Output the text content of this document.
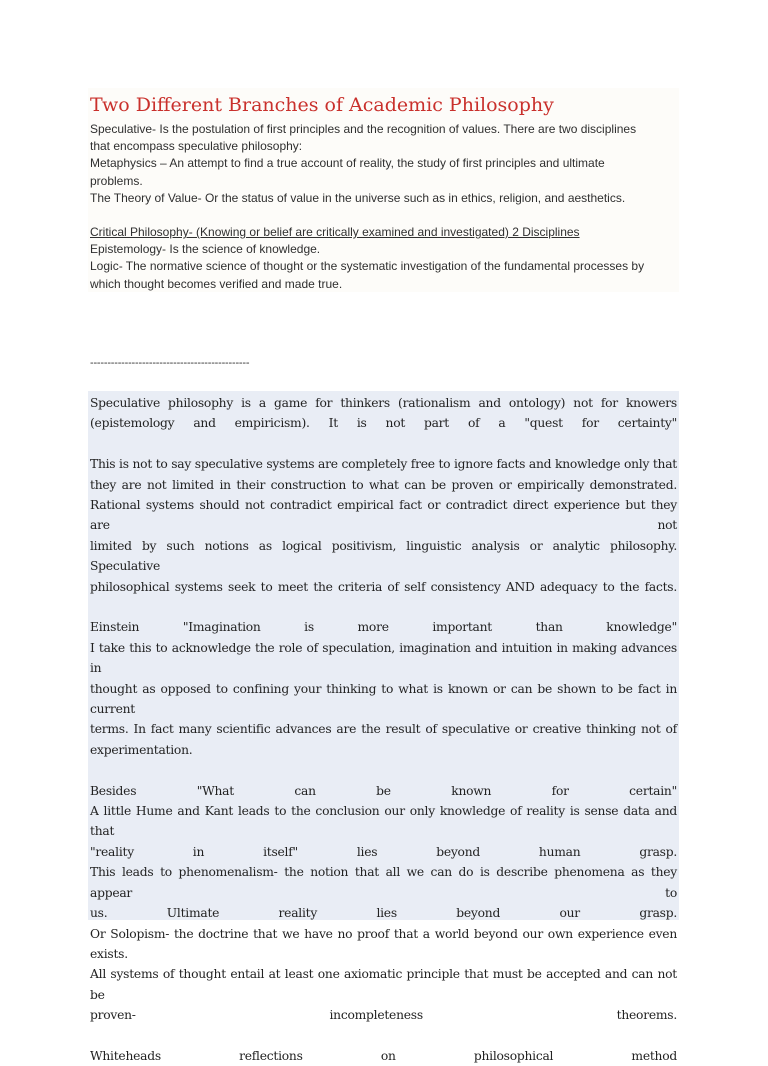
Two Different Branches of Academic Philosophy

Speculative- Is the postulation of first principles and the recognition of values. There are two disciplines

that encompass speculative philosophy:

Metaphysics – An attempt to find a true account of reality, the study of first principles and ultimate

problems.

The Theory of Value- Or the status of value in the universe such as in ethics, religion, and aesthetics.

Critical Philosophy- (Knowing or belief are critically examined and investigated) 2 Disciplines

Epistemology- Is the science of knowledge.

Logic- The normative science of thought or the systematic investigation of the fundamental processes by

which thought becomes verified and made true.

----------------------------------------------

Speculative philosophy is a game for thinkers (rationalism and ontology) not for knowers

(epistemology and empiricism). It is not part of a "quest for certainty"

This is not to say speculative systems are completely free to ignore facts and knowledge only that

they are not limited in their construction to what can be proven or empirically demonstrated.

Rational systems should not contradict empirical fact or contradict direct experience but they are not

limited by such notions as logical positivism, linguistic analysis or analytic philosophy. Speculative

philosophical systems seek to meet the criteria of self consistency AND adequacy to the facts.

Einstein "Imagination is more important than knowledge"

I take this to acknowledge the role of speculation, imagination and intuition in making advances in

thought as opposed to confining your thinking to what is known or can be shown to be fact in current

terms. In fact many scientific advances are the result of speculative or creative thinking not of

experimentation.

Besides "What can be known for certain"

A little Hume and Kant leads to the conclusion our only knowledge of reality is sense data and that

"reality in itself" lies beyond human grasp.

This leads to phenomenalism- the notion that all we can do is describe phenomena as they appear to

us. Ultimate reality lies beyond our grasp.

Or Solopism- the doctrine that we have no proof that a world beyond our own experience even exists.

All systems of thought entail at least one axiomatic principle that must be accepted and can not be

proven- incompleteness theorems.

Whiteheads reflections on philosophical method
